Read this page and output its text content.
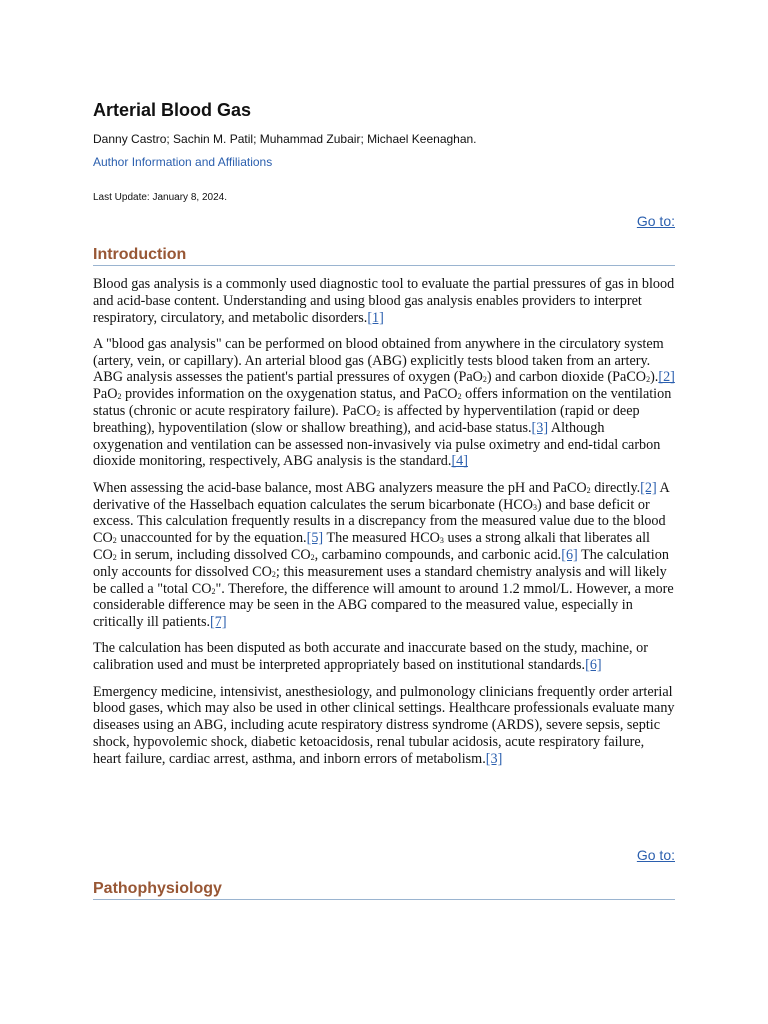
Arterial Blood Gas
Danny Castro; Sachin M. Patil; Muhammad Zubair; Michael Keenaghan.
Author Information and Affiliations
Last Update: January 8, 2024.
Go to:
Introduction

Blood gas analysis is a commonly used diagnostic tool to evaluate the partial pressures of gas in blood and acid-base content. Understanding and using blood gas analysis enables providers to interpret respiratory, circulatory, and metabolic disorders.[1]

A "blood gas analysis" can be performed on blood obtained from anywhere in the circulatory system (artery, vein, or capillary). An arterial blood gas (ABG) explicitly tests blood taken from an artery. ABG analysis assesses the patient's partial pressures of oxygen (PaO$_2$) and carbon dioxide (PaCO$_2$).[2] PaO$_2$ provides information on the oxygenation status, and PaCO$_2$ offers information on the ventilation status (chronic or acute respiratory failure). PaCO$_2$ is affected by hyperventilation (rapid or deep breathing), hypoventilation (slow or shallow breathing), and acid-base status.[3] Although oxygenation and ventilation can be assessed non-invasively via pulse oximetry and end-tidal carbon dioxide monitoring, respectively, ABG analysis is the standard.[4]

When assessing the acid-base balance, most ABG analyzers measure the pH and PaCO$_2$ directly.[2] A derivative of the Hasselbach equation calculates the serum bicarbonate $(HCO_3)$ and base deficit or excess. This calculation frequently results in a discrepancy from the measured value due to the blood $CO_2$ unaccounted for by the equation.[5] The measured $HCO_3$ uses a strong alkali that liberates all $CO_2$ in serum, including dissolved $CO_2$, carbamino compounds, and carbonic acid.[6] The calculation only accounts for dissolved $CO_2$; this measurement uses a standard chemistry analysis and will likely be called a "total $CO_2$". Therefore, the difference will amount to around 1.2 mmol/L. However, a more considerable difference may be seen in the ABG compared to the measured value, especially in critically ill patients.[7]

The calculation has been disputed as both accurate and inaccurate based on the study, machine, or calibration used and must be interpreted appropriately based on institutional standards.[6]

Emergency medicine, intensivist, anesthesiology, and pulmonology clinicians frequently order arterial blood gases, which may also be used in other clinical settings. Healthcare professionals evaluate many diseases using an ABG, including acute respiratory distress syndrome (ARDS), severe sepsis, septic shock, hypovolemic shock, diabetic ketoacidosis, renal tubular acidosis, acute respiratory failure, heart failure, cardiac arrest, asthma, and inborn errors of metabolism.[3]

Go to:
Pathophysiology
